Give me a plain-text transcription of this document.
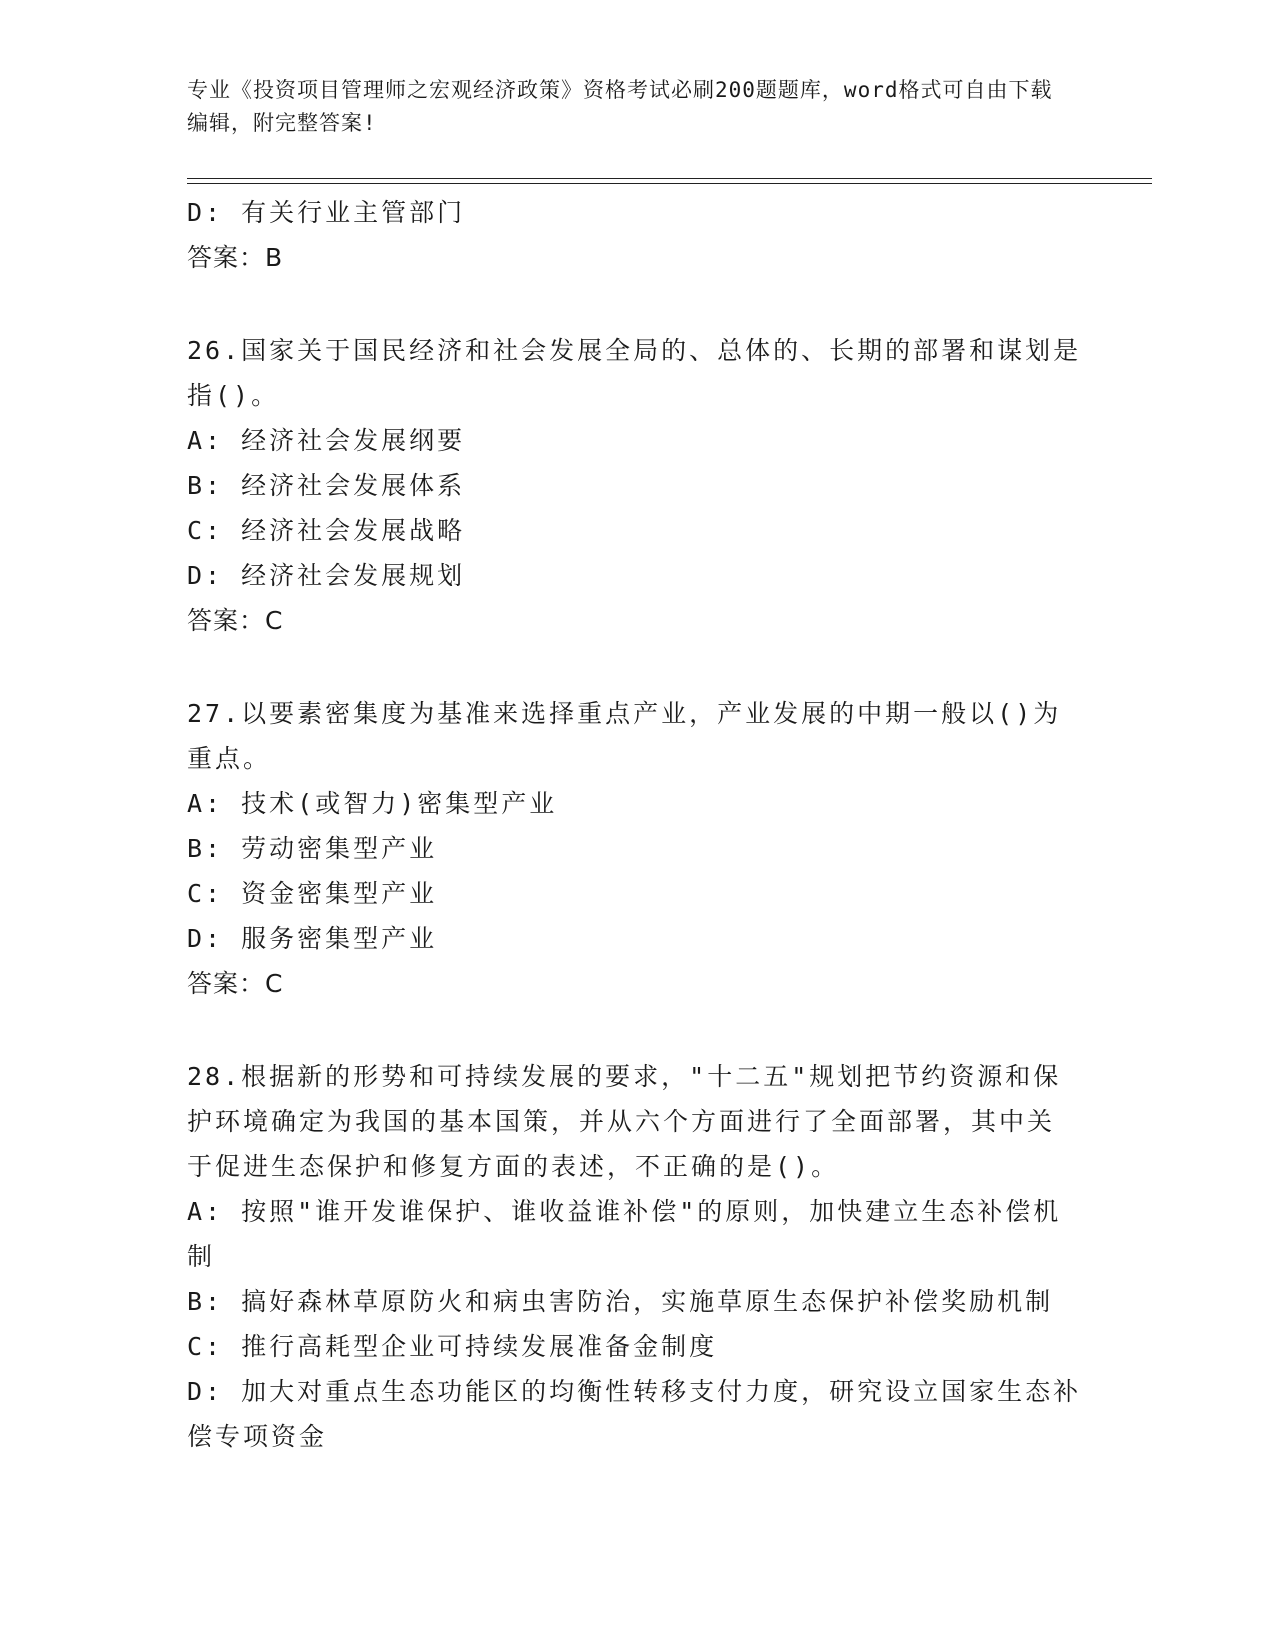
专业《投资项目管理师之宏观经济政策》资格考试必刷200题题库，word格式可自由下载编辑，附完整答案!
D: 有关行业主管部门
答案：B
26.国家关于国民经济和社会发展全局的、总体的、长期的部署和谋划是指()。
A: 经济社会发展纲要
B: 经济社会发展体系
C: 经济社会发展战略
D: 经济社会发展规划
答案：C
27.以要素密集度为基准来选择重点产业，产业发展的中期一般以()为重点。
A: 技术(或智力)密集型产业
B: 劳动密集型产业
C: 资金密集型产业
D: 服务密集型产业
答案：C
28.根据新的形势和可持续发展的要求，"十二五"规划把节约资源和保护环境确定为我国的基本国策，并从六个方面进行了全面部署，其中关于促进生态保护和修复方面的表述，不正确的是()。
A: 按照"谁开发谁保护、谁收益谁补偿"的原则，加快建立生态补偿机制
B: 搞好森林草原防火和病虫害防治，实施草原生态保护补偿奖励机制
C: 推行高耗型企业可持续发展准备金制度
D: 加大对重点生态功能区的均衡性转移支付力度，研究设立国家生态补偿专项资金
